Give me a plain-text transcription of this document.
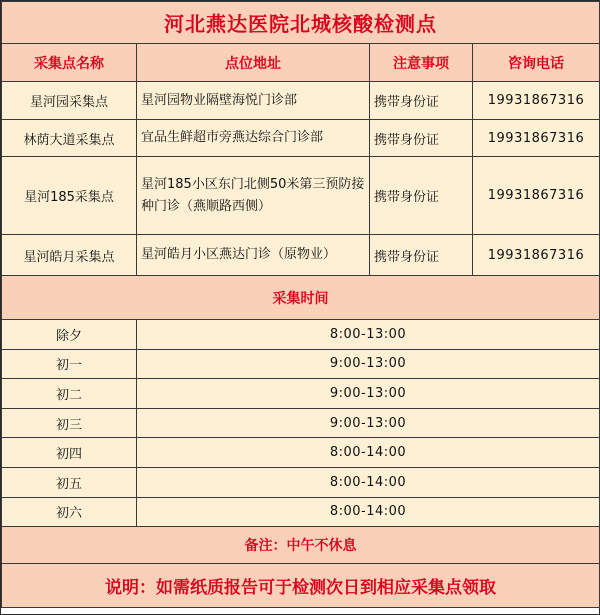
河北燕达医院北城核酸检测点			
采集点名称	点位地址	注意事项	咨询电话
星河园采集点	星河园物业隔壁海悦门诊部	携带身份证	19931867316
林荫大道采集点	宜品生鲜超市旁燕达综合门诊部	携带身份证	19931867316
星河185采集点	星河185小区东门北侧50米第三预防接种门诊（燕顺路西侧）	携带身份证	19931867316
星河皓月采集点	星河皓月小区燕达门诊（原物业）	携带身份证	19931867316
采集时间			
除夕	8:00-13:00		
初一	9:00-13:00		
初二	9:00-13:00		
初三	9:00-13:00		
初四	8:00-14:00		
初五	8:00-14:00		
初六	8:00-14:00		
备注：中午不休息			
说明：如需纸质报告可于检测次日到相应采集点领取			
